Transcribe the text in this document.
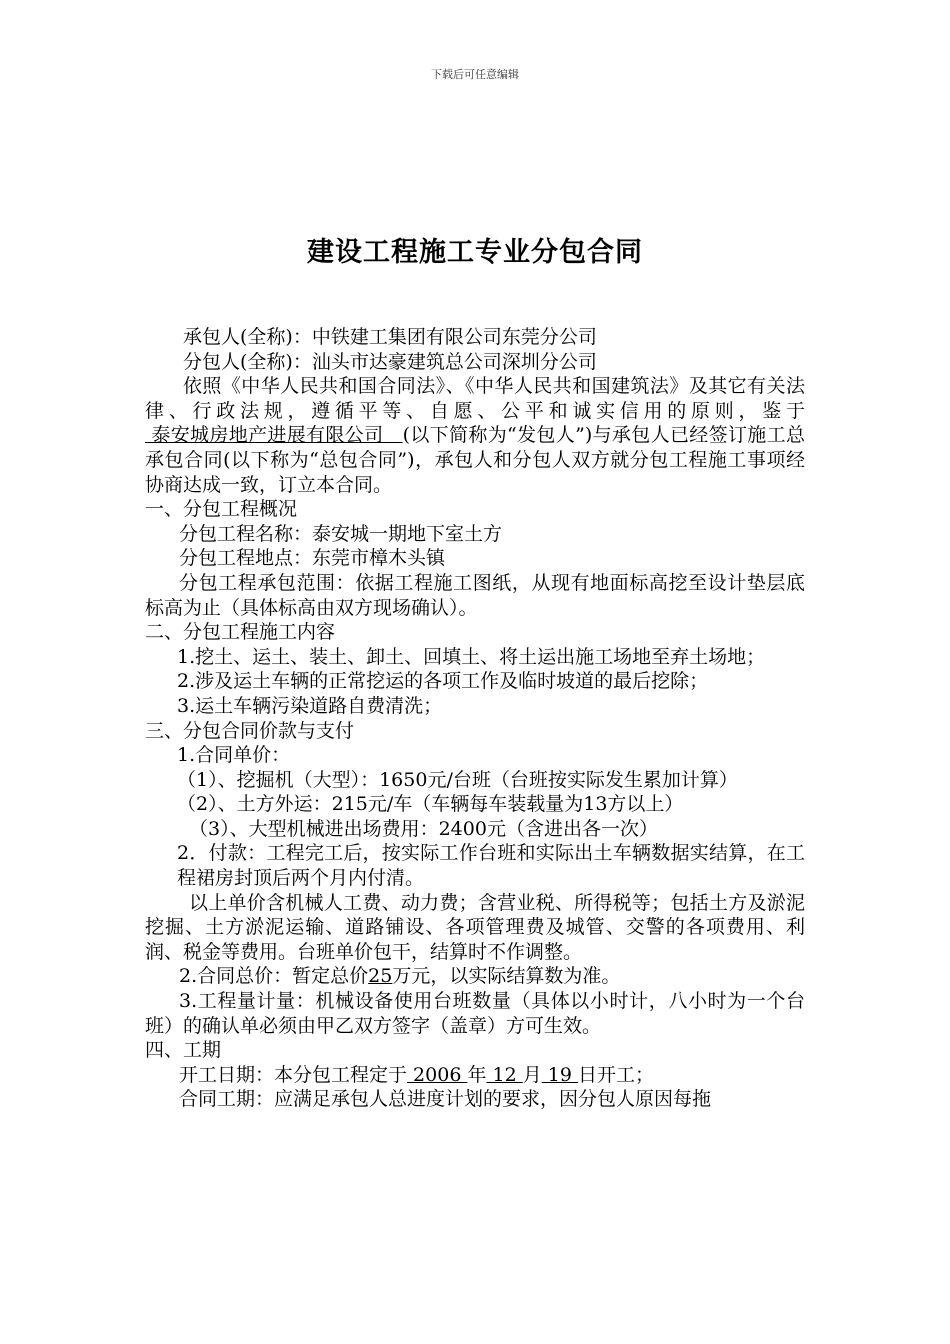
下载后可任意编辑
建设工程施工专业分包合同

承包人(全称)：中铁建工集团有限公司东莞分公司

分包人(全称)：汕头市达豪建筑总公司深圳分公司

依照《中华人民共和国合同法》、《中华人民共和国建筑法》及其它有关法律、行政法规，遵循平等、自愿、公平和诚实信用的原则，鉴于 泰安城房地产进展有限公司   (以下简称为“发包人”)与承包人已经签订施工总承包合同(以下称为“总包合同”)，承包人和分包人双方就分包工程施工事项经协商达成一致，订立本合同。

一、分包工程概况

分包工程名称：泰安城一期地下室土方

分包工程地点：东莞市樟木头镇

分包工程承包范围：依据工程施工图纸，从现有地面标高挖至设计垫层底标高为止（具体标高由双方现场确认）。

二、分包工程施工内容

1.挖土、运土、装土、卸土、回填土、将土运出施工场地至弃土场地；

2.涉及运土车辆的正常挖运的各项工作及临时坡道的最后挖除；

3.运土车辆污染道路自费清洗；

三、分包合同价款与支付

1.合同单价：

（1）、挖掘机（大型）：1650元/台班（台班按实际发生累加计算）

（2）、土方外运：215元/车（车辆每车装载量为13方以上）

（3）、大型机械进出场费用：2400元（含进出各一次）

2．付款：工程完工后，按实际工作台班和实际出土车辆数据实结算，在工程裙房封顶后两个月内付清。

以上单价含机械人工费、动力费；含营业税、所得税等；包括土方及淤泥挖掘、土方淤泥运输、道路铺设、各项管理费及城管、交警的各项费用、利润、税金等费用。台班单价包干，结算时不作调整。

2.合同总价：暂定总价25万元，以实际结算数为准。

3.工程量计量：机械设备使用台班数量（具体以小时计，八小时为一个台班）的确认单必须由甲乙双方签字（盖章）方可生效。

四、工期

开工日期：本分包工程定于 2006 年 12 月 19 日开工；

合同工期：应满足承包人总进度计划的要求，因分包人原因每拖
